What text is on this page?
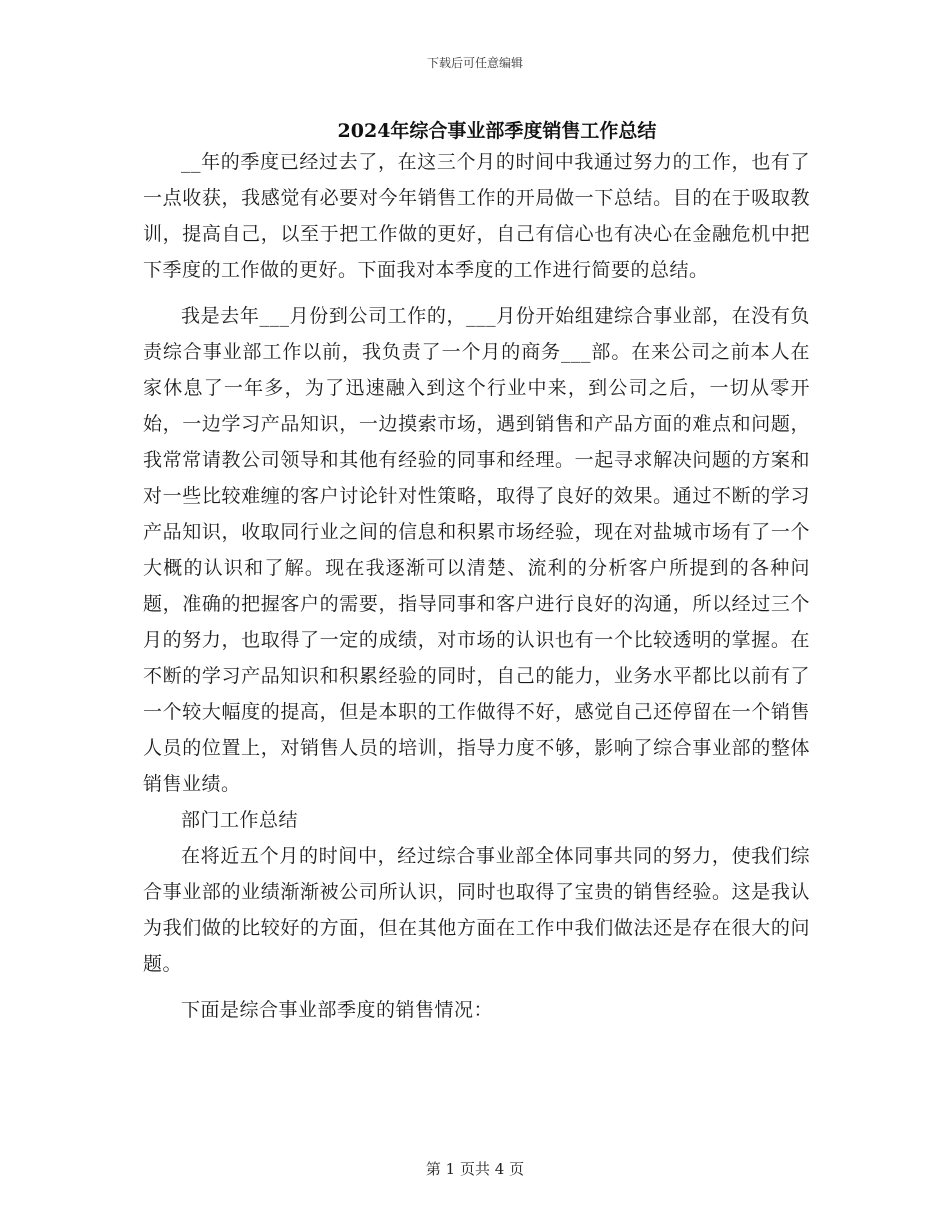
下载后可任意编辑
2024年综合事业部季度销售工作总结

__年的季度已经过去了，在这三个月的时间中我通过努力的工作，也有了一点收获，我感觉有必要对今年销售工作的开局做一下总结。目的在于吸取教训，提高自己，以至于把工作做的更好，自己有信心也有决心在金融危机中把下季度的工作做的更好。下面我对本季度的工作进行简要的总结。

我是去年___月份到公司工作的，___月份开始组建综合事业部，在没有负责综合事业部工作以前，我负责了一个月的商务___部。在来公司之前本人在家休息了一年多，为了迅速融入到这个行业中来，到公司之后，一切从零开始，一边学习产品知识，一边摸索市场，遇到销售和产品方面的难点和问题，我常常请教公司领导和其他有经验的同事和经理。一起寻求解决问题的方案和对一些比较难缠的客户讨论针对性策略，取得了良好的效果。通过不断的学习产品知识，收取同行业之间的信息和积累市场经验，现在对盐城市场有了一个大概的认识和了解。现在我逐渐可以清楚、流利的分析客户所提到的各种问题，准确的把握客户的需要，指导同事和客户进行良好的沟通，所以经过三个月的努力，也取得了一定的成绩，对市场的认识也有一个比较透明的掌握。在不断的学习产品知识和积累经验的同时，自己的能力，业务水平都比以前有了一个较大幅度的提高，但是本职的工作做得不好，感觉自己还停留在一个销售人员的位置上，对销售人员的培训，指导力度不够，影响了综合事业部的整体销售业绩。

部门工作总结

在将近五个月的时间中，经过综合事业部全体同事共同的努力，使我们综合事业部的业绩渐渐被公司所认识，同时也取得了宝贵的销售经验。这是我认为我们做的比较好的方面，但在其他方面在工作中我们做法还是存在很大的问题。

下面是综合事业部季度的销售情况：

第 1 页共 4 页
